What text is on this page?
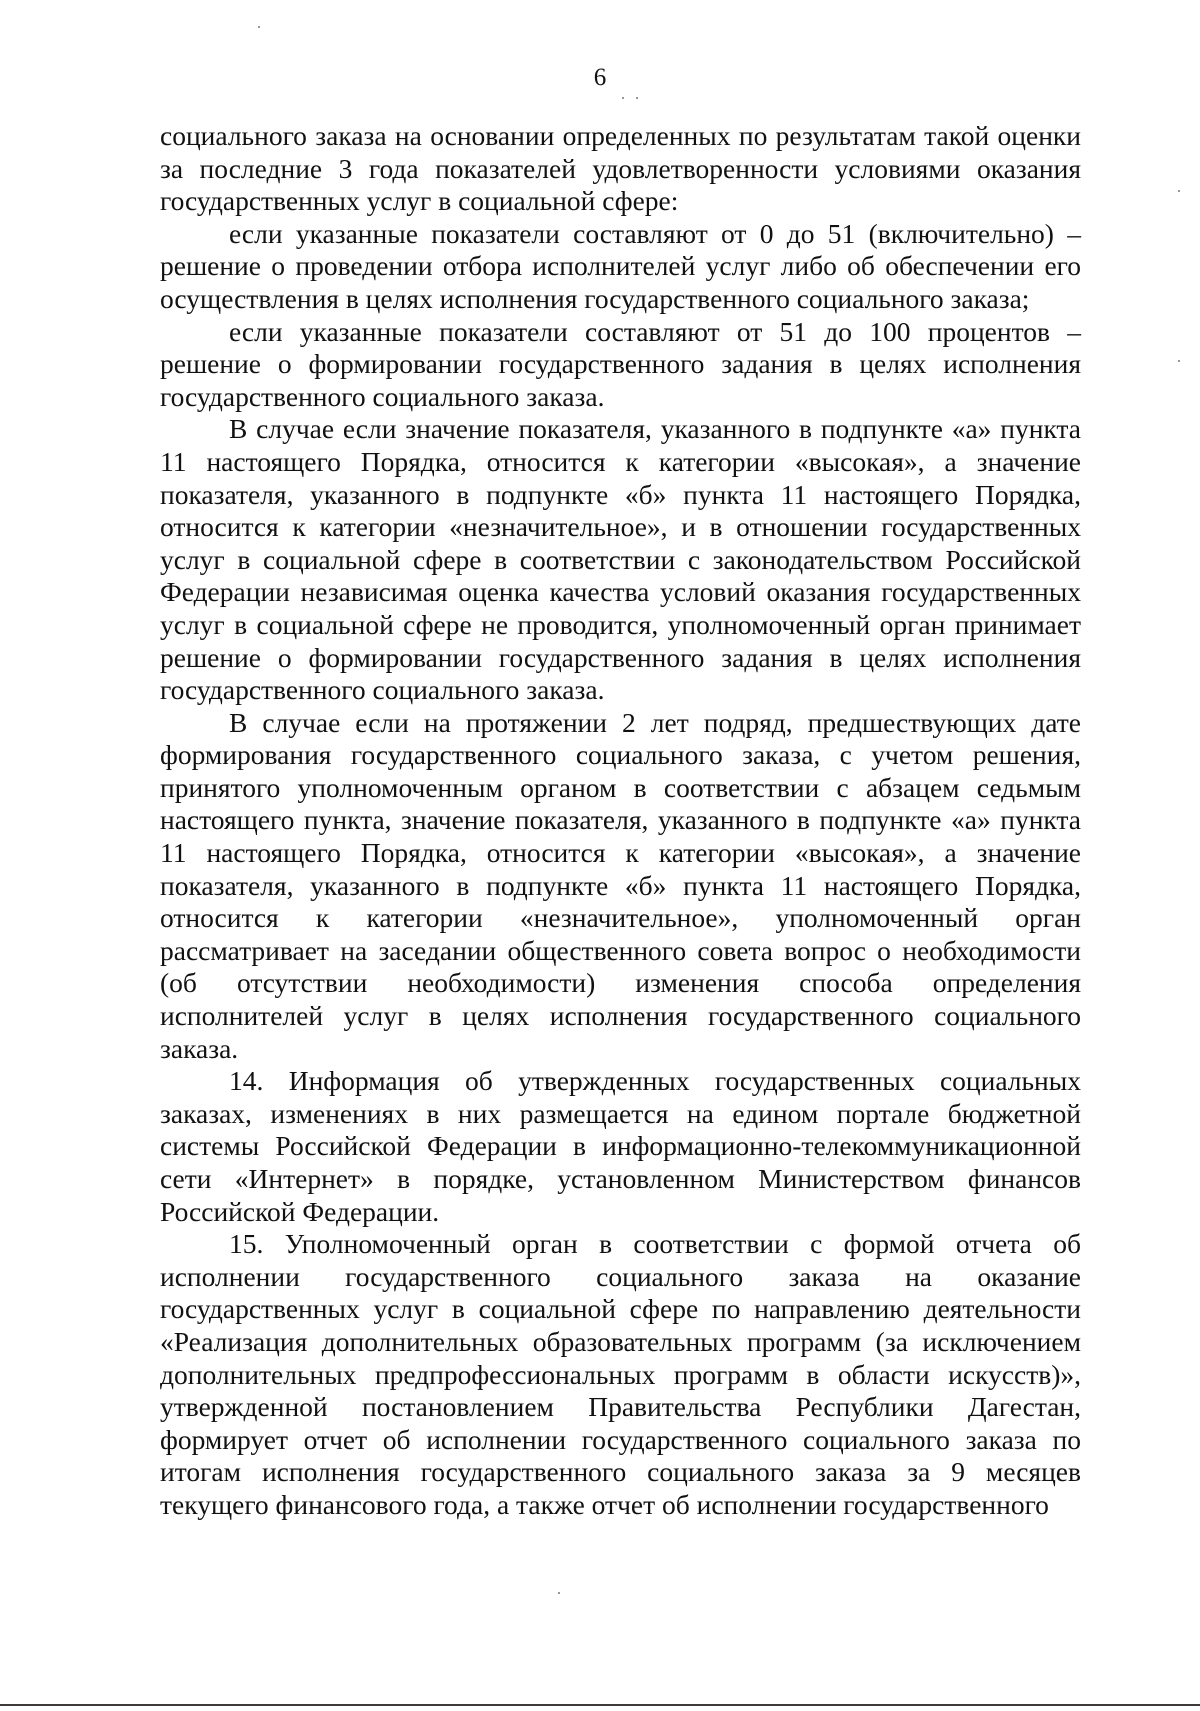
6

социального заказа на основании определенных по результатам такой оценки за последние 3 года показателей удовлетворенности условиями оказания государственных услуг в социальной сфере:

если указанные показатели составляют от 0 до 51 (включительно) – решение о проведении отбора исполнителей услуг либо об обеспечении его осуществления в целях исполнения государственного социального заказа;

если указанные показатели составляют от 51 до 100 процентов – решение о формировании государственного задания в целях исполнения государственного социального заказа.

В случае если значение показателя, указанного в подпункте «а» пункта 11 настоящего Порядка, относится к категории «высокая», а значение показателя, указанного в подпункте «б» пункта 11 настоящего Порядка, относится к категории «незначительное», и в отношении государственных услуг в социальной сфере в соответствии с законодательством Российской Федерации независимая оценка качества условий оказания государственных услуг в социальной сфере не проводится, уполномоченный орган принимает решение о формировании государственного задания в целях исполнения государственного социального заказа.

В случае если на протяжении 2 лет подряд, предшествующих дате формирования государственного социального заказа, с учетом решения, принятого уполномоченным органом в соответствии с абзацем седьмым настоящего пункта, значение показателя, указанного в подпункте «а» пункта 11 настоящего Порядка, относится к категории «высокая», а значение показателя, указанного в подпункте «б» пункта 11 настоящего Порядка, относится к категории «незначительное», уполномоченный орган рассматривает на заседании общественного совета вопрос о необходимости (об отсутствии необходимости) изменения способа определения исполнителей услуг в целях исполнения государственного социального заказа.

14. Информация об утвержденных государственных социальных заказах, изменениях в них размещается на едином портале бюджетной системы Российской Федерации в информационно-телекоммуникационной сети «Интернет» в порядке, установленном Министерством финансов Российской Федерации.

15. Уполномоченный орган в соответствии с формой отчета об исполнении государственного социального заказа на оказание государственных услуг в социальной сфере по направлению деятельности «Реализация дополнительных образовательных программ (за исключением дополнительных предпрофессиональных программ в области искусств)», утвержденной постановлением Правительства Республики Дагестан, формирует отчет об исполнении государственного социального заказа по итогам исполнения государственного социального заказа за 9 месяцев текущего финансового года, а также отчет об исполнении государственного
